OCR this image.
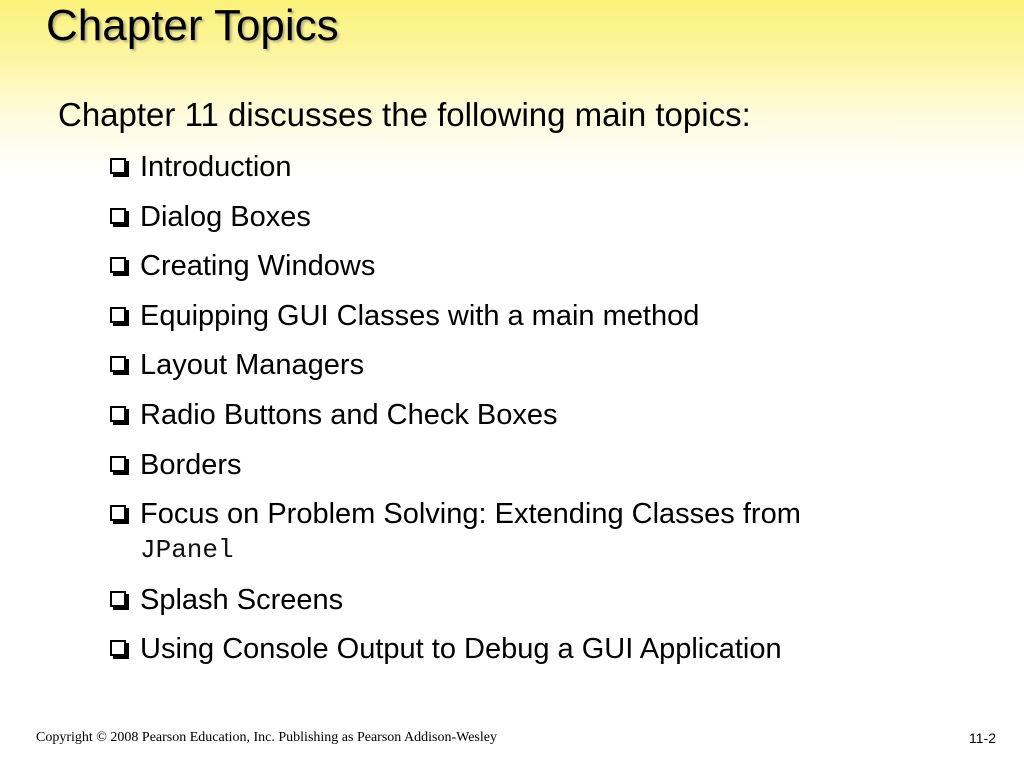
Chapter Topics
Chapter 11 discusses the following main topics:
Introduction
Dialog Boxes
Creating Windows
Equipping GUI Classes with a main method
Layout Managers
Radio Buttons and Check Boxes
Borders
Focus on Problem Solving: Extending Classes from
JPanel
Splash Screens
Using Console Output to Debug a GUI Application
Copyright © 2008 Pearson Education, Inc. Publishing as Pearson Addison-Wesley	11-2
